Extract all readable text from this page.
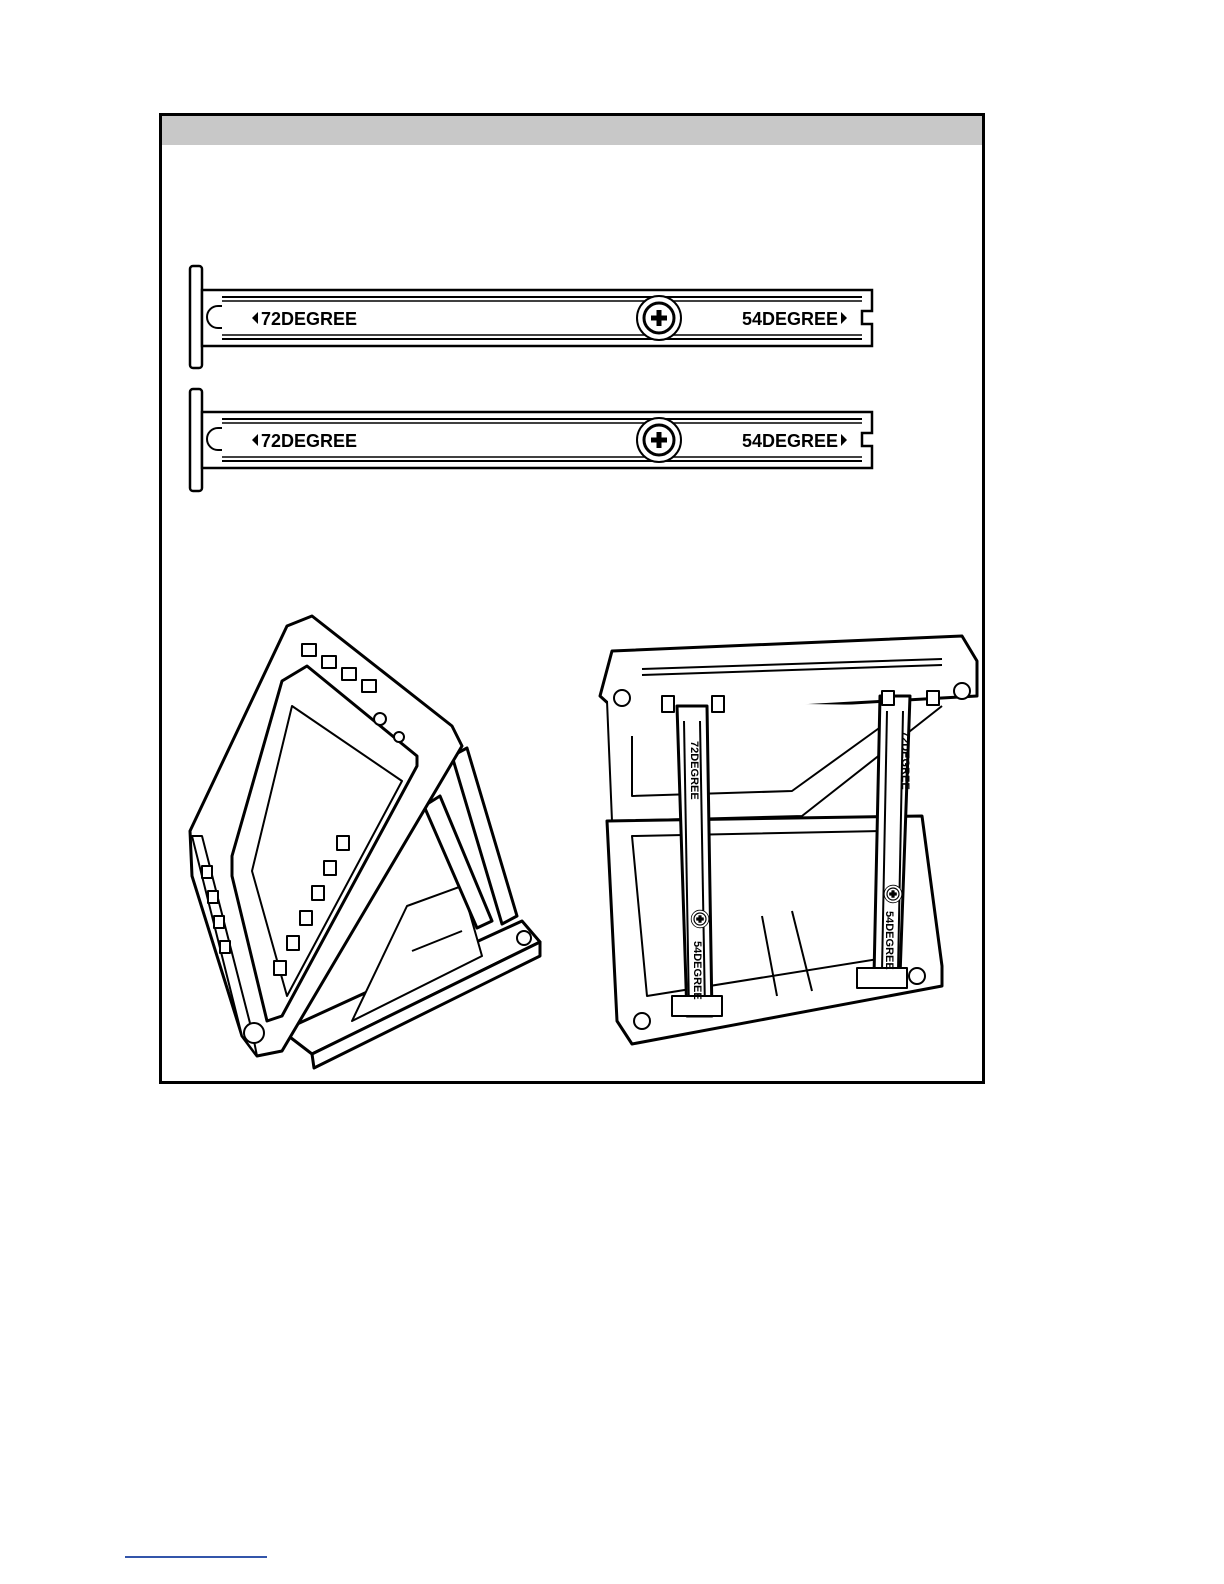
72DEGREE	54DEGREE
72DEGREE	54DEGREE
72DEGREE
54DEGREE
72DEGREE
54DEGREE
